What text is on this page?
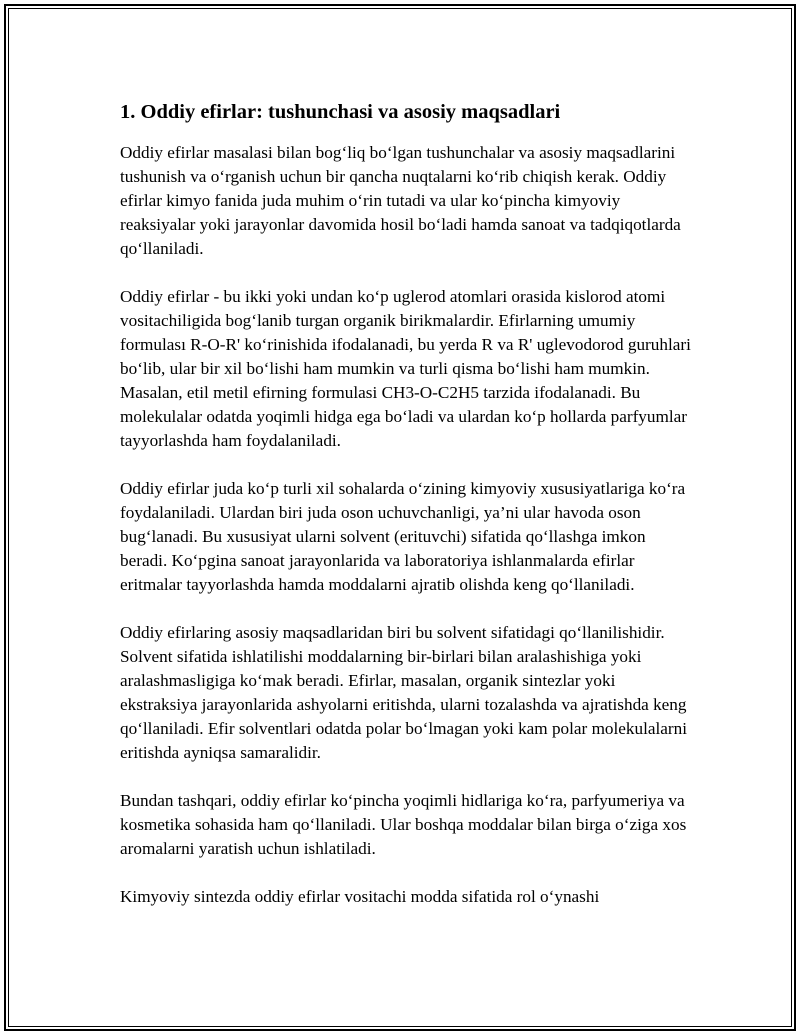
1. Oddiy efirlar: tushunchasi va asosiy maqsadlari

Oddiy efirlar masalasi bilan bog‘liq bo‘lgan tushunchalar va asosiy maqsadlarini tushunish va o‘rganish uchun bir qancha nuqtalarni ko‘rib chiqish kerak. Oddiy efirlar kimyo fanida juda muhim o‘rin tutadi va ular ko‘pincha kimyoviy reaksiyalar yoki jarayonlar davomida hosil bo‘ladi hamda sanoat va tadqiqotlarda qo‘llaniladi.

Oddiy efirlar - bu ikki yoki undan ko‘p uglerod atomlari orasida kislorod atomi vositachiligida bog‘lanib turgan organik birikmalardir. Efirlarning umumiy formulası R-O-R' ko‘rinishida ifodalanadi, bu yerda R va R' uglevodorod guruhlari bo‘lib, ular bir xil bo‘lishi ham mumkin va turli qisma bo‘lishi ham mumkin. Masalan, etil metil efirning formulasi CH3-O-C2H5 tarzida ifodalanadi. Bu molekulalar odatda yoqimli hidga ega bo‘ladi va ulardan ko‘p hollarda parfyumlar tayyorlashda ham foydalaniladi.

Oddiy efirlar juda ko‘p turli xil sohalarda o‘zining kimyoviy xususiyatlariga ko‘ra foydalaniladi. Ulardan biri juda oson uchuvchanligi, ya’ni ular havoda oson bug‘lanadi. Bu xususiyat ularni solvent (erituvchi) sifatida qo‘llashga imkon beradi. Ko‘pgina sanoat jarayonlarida va laboratoriya ishlanmalarda efirlar eritmalar tayyorlashda hamda moddalarni ajratib olishda keng qo‘llaniladi.

Oddiy efirlaring asosiy maqsadlaridan biri bu solvent sifatidagi qo‘llanilishidir. Solvent sifatida ishlatilishi moddalarning bir-birlari bilan aralashishiga yoki aralashmasligiga ko‘mak beradi. Efirlar, masalan, organik sintezlar yoki ekstraksiya jarayonlarida ashyolarni eritishda, ularni tozalashda va ajratishda keng qo‘llaniladi. Efir solventlari odatda polar bo‘lmagan yoki kam polar molekulalarni eritishda ayniqsa samaralidir.

Bundan tashqari, oddiy efirlar ko‘pincha yoqimli hidlariga ko‘ra, parfyumeriya va kosmetika sohasida ham qo‘llaniladi. Ular boshqa moddalar bilan birga o‘ziga xos aromalarni yaratish uchun ishlatiladi.

Kimyoviy sintezda oddiy efirlar vositachi modda sifatida rol o‘ynashi
